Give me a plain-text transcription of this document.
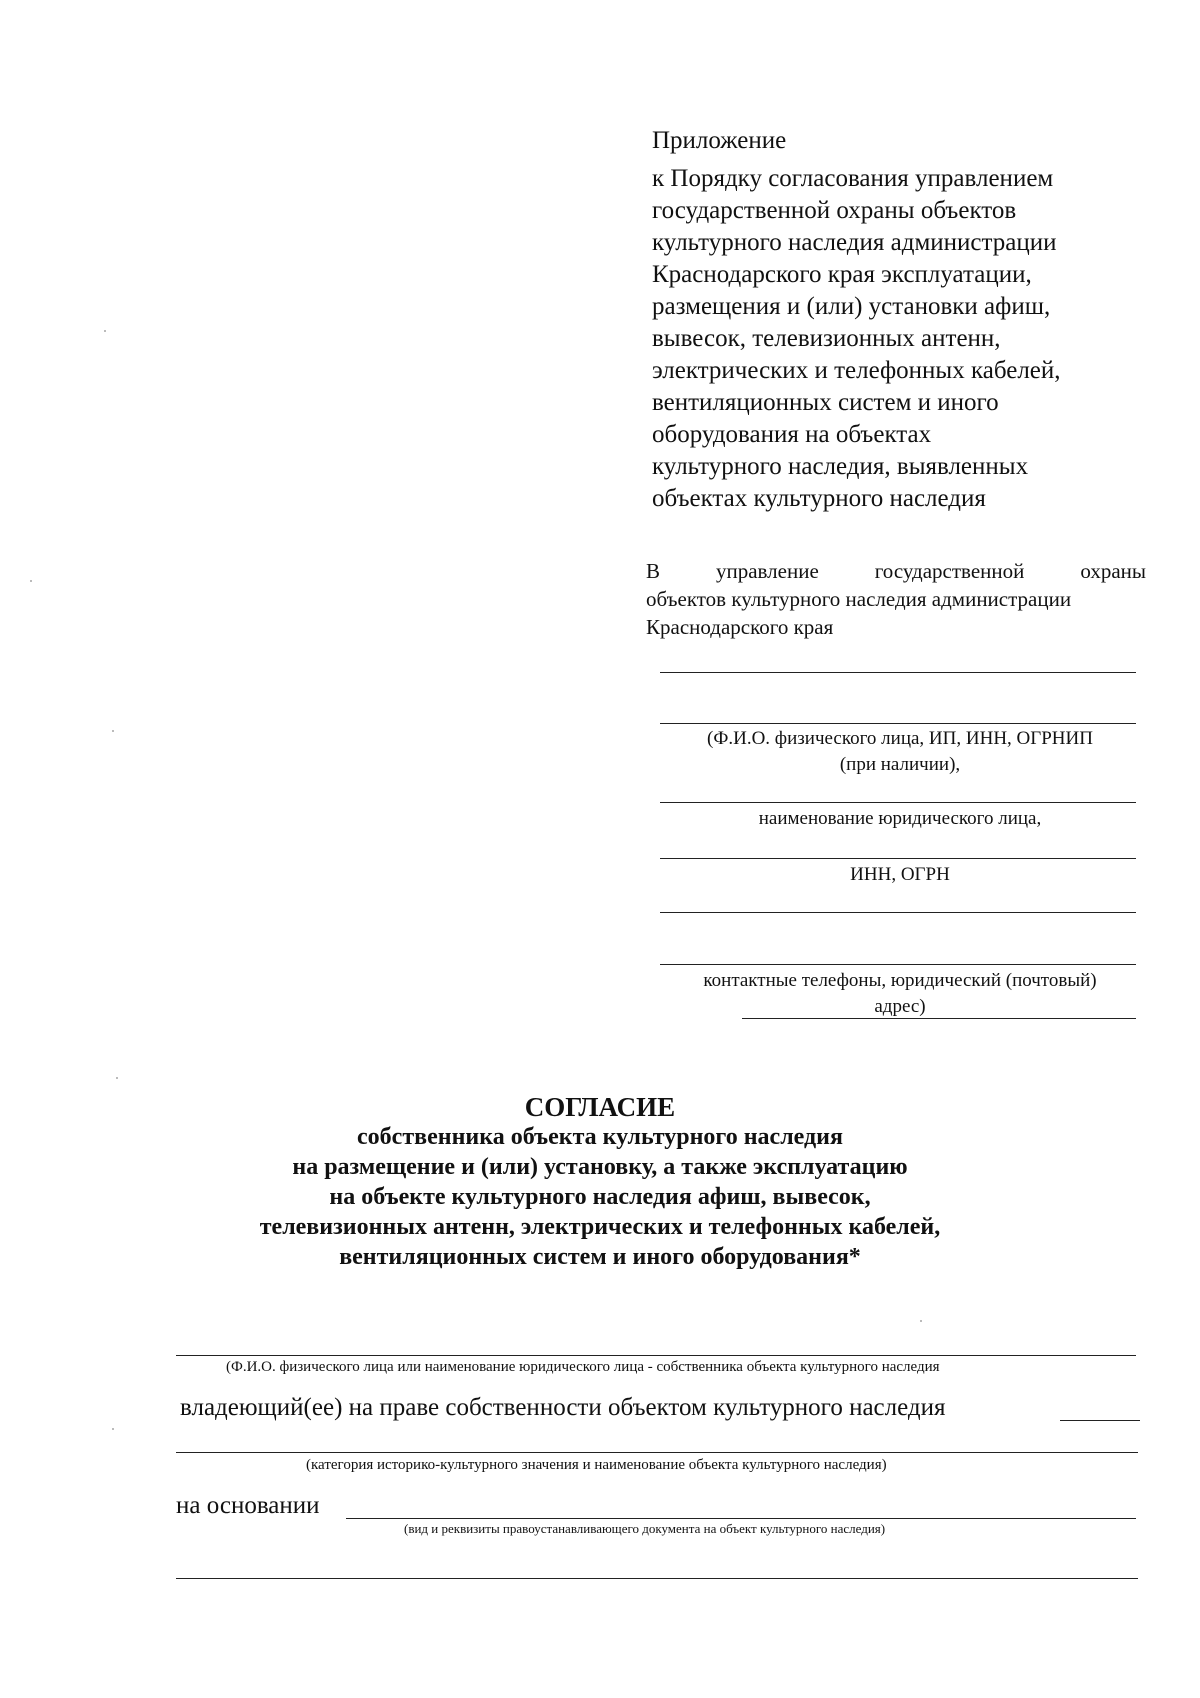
Приложение
к Порядку согласования управлением
государственной охраны объектов
культурного наследия администрации
Краснодарского края эксплуатации,
размещения и (или) установки афиш,
вывесок, телевизионных антенн,
электрических и телефонных кабелей,
вентиляционных систем и иного
оборудования на объектах
культурного наследия, выявленных
объектах культурного наследия
В	управление	государственной	охраны
объектов культурного наследия администрации
Краснодарского края
(Ф.И.О. физического лица, ИП, ИНН, ОГРНИП
(при наличии),
наименование юридического лица,
ИНН, ОГРН
контактные телефоны, юридический (почтовый)
адрес)
СОГЛАСИЕ
собственника объекта культурного наследия
на размещение и (или) установку, а также эксплуатацию
на объекте культурного наследия афиш, вывесок,
телевизионных антенн, электрических и телефонных кабелей,
вентиляционных систем и иного оборудования*
(Ф.И.О. физического лица или наименование юридического лица - собственника объекта культурного наследия
владеющий(ее) на праве собственности объектом культурного наследия
(категория историко-культурного значения и наименование объекта культурного наследия)
на основании
(вид и реквизиты правоустанавливающего документа на объект культурного наследия)
